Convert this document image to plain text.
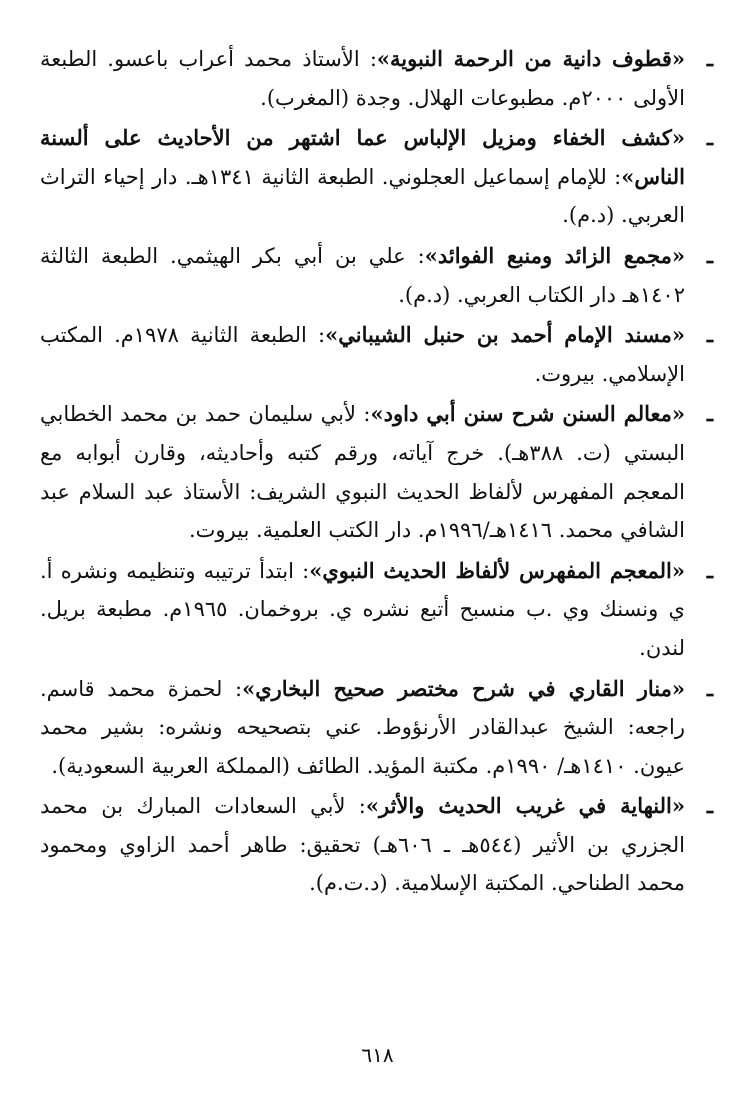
ـ
«قطوف دانية من الرحمة النبوية»: الأستاذ محمد أعراب باعسو. الطبعة الأولى ٢٠٠٠م. مطبوعات الهلال. وجدة (المغرب).
ـ
«كشف الخفاء ومزيل الإلباس عما اشتهر من الأحاديث على ألسنة الناس»: للإمام إسماعيل العجلوني. الطبعة الثانية ١٣٤١هـ. دار إحياء التراث العربي. (د.م).
ـ
«مجمع الزائد ومنبع الفوائد»: علي بن أبي بكر الهيثمي. الطبعة الثالثة ١٤٠٢هـ دار الكتاب العربي. (د.م).
ـ
«مسند الإمام أحمد بن حنبل الشيباني»: الطبعة الثانية ١٩٧٨م. المكتب الإسلامي. بيروت.
ـ
«معالم السنن شرح سنن أبي داود»: لأبي سليمان حمد بن محمد الخطابي البستي (ت. ٣٨٨هـ). خرج آياته، ورقم كتبه وأحاديثه، وقارن أبوابه مع المعجم المفهرس لألفاظ الحديث النبوي الشريف: الأستاذ عبد السلام عبد الشافي محمد. ١٤١٦هـ/١٩٩٦م. دار الكتب العلمية. بيروت.
ـ
«المعجم المفهرس لألفاظ الحديث النبوي»: ابتدأ ترتيبه وتنظيمه ونشره أ. ي ونسنك وي .ب منسبح أتبع نشره ي. بروخمان. ١٩٦٥م. مطبعة بريل. لندن.
ـ
«منار القاري في شرح مختصر صحيح البخاري»: لحمزة محمد قاسم. راجعه: الشيخ عبدالقادر الأرنؤوط. عني بتصحيحه ونشره: بشير محمد عيون. ١٤١٠هـ/ ١٩٩٠م. مكتبة المؤيد. الطائف (المملكة العربية السعودية).
ـ
«النهاية في غريب الحديث والأثر»: لأبي السعادات المبارك بن محمد الجزري بن الأثير (٥٤٤هـ ـ ٦٠٦هـ) تحقيق: طاهر أحمد الزاوي ومحمود محمد الطناحي. المكتبة الإسلامية. (د.ت.م).
٦١٨
